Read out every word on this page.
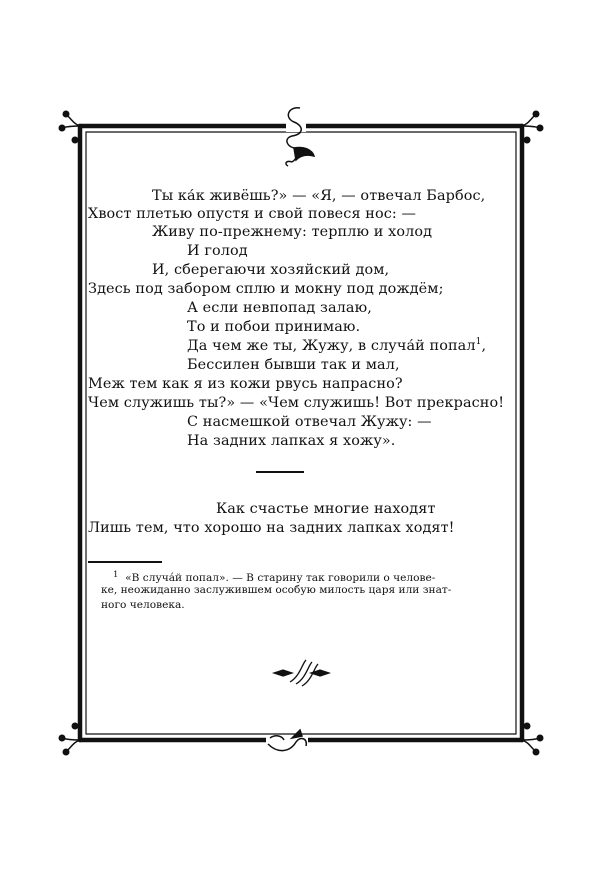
Ты ка́к живёшь?» — «Я, — отвечал Барбос,
Хвост плетью опустя и свой повеся нос: —
Живу по-прежнему: терплю и холод
И голод
И, сберегаючи хозяйский дом,
Здесь под забором сплю и мокну под дождём;
А если невпопад залаю,
То и побои принимаю.
Да чем же ты, Жужу, в случа́й попал$^1$,
Бессилен бывши так и мал,
Меж тем как я из кожи рвусь напрасно?
Чем служишь ты?» — «Чем служишь! Вот прекрасно!
С насмешкой отвечал Жужу: —
На задних лапках я хожу».
Как счастье многие находят
Лишь тем, что хорошо на задних лапках ходят!
$^1$ «В случа́й попал». — В старину так говорили о челове-
ке, неожиданно заслужившем особую милость царя или знат-
ного человека.
